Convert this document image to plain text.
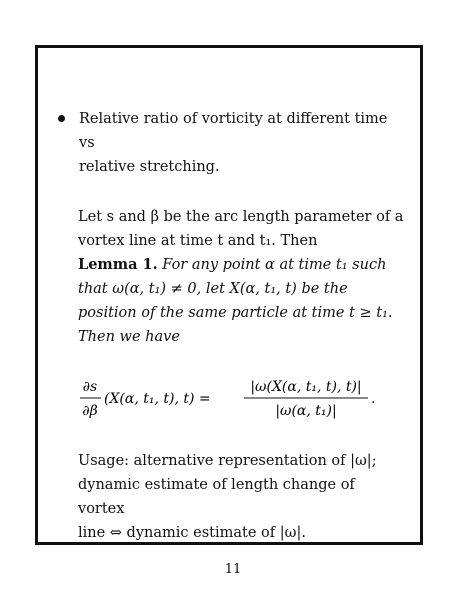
Relative ratio of vorticity at different time vs
relative stretching.
Let s and β be the arc length parameter of a
vortex line at time t and t₁. Then
Lemma 1. For any point α at time t₁ such
that ω(α, t₁) ≠ 0, let X(α, t₁, t) be the
position of the same particle at time t ≥ t₁.
Then we have
∂s
∂β
(X(α, t₁, t), t) =
|ω(X(α, t₁, t), t)|
|ω(α, t₁)|
.
Usage: alternative representation of |ω|;
dynamic estimate of length change of vortex
line ⇔ dynamic estimate of |ω|.
11
